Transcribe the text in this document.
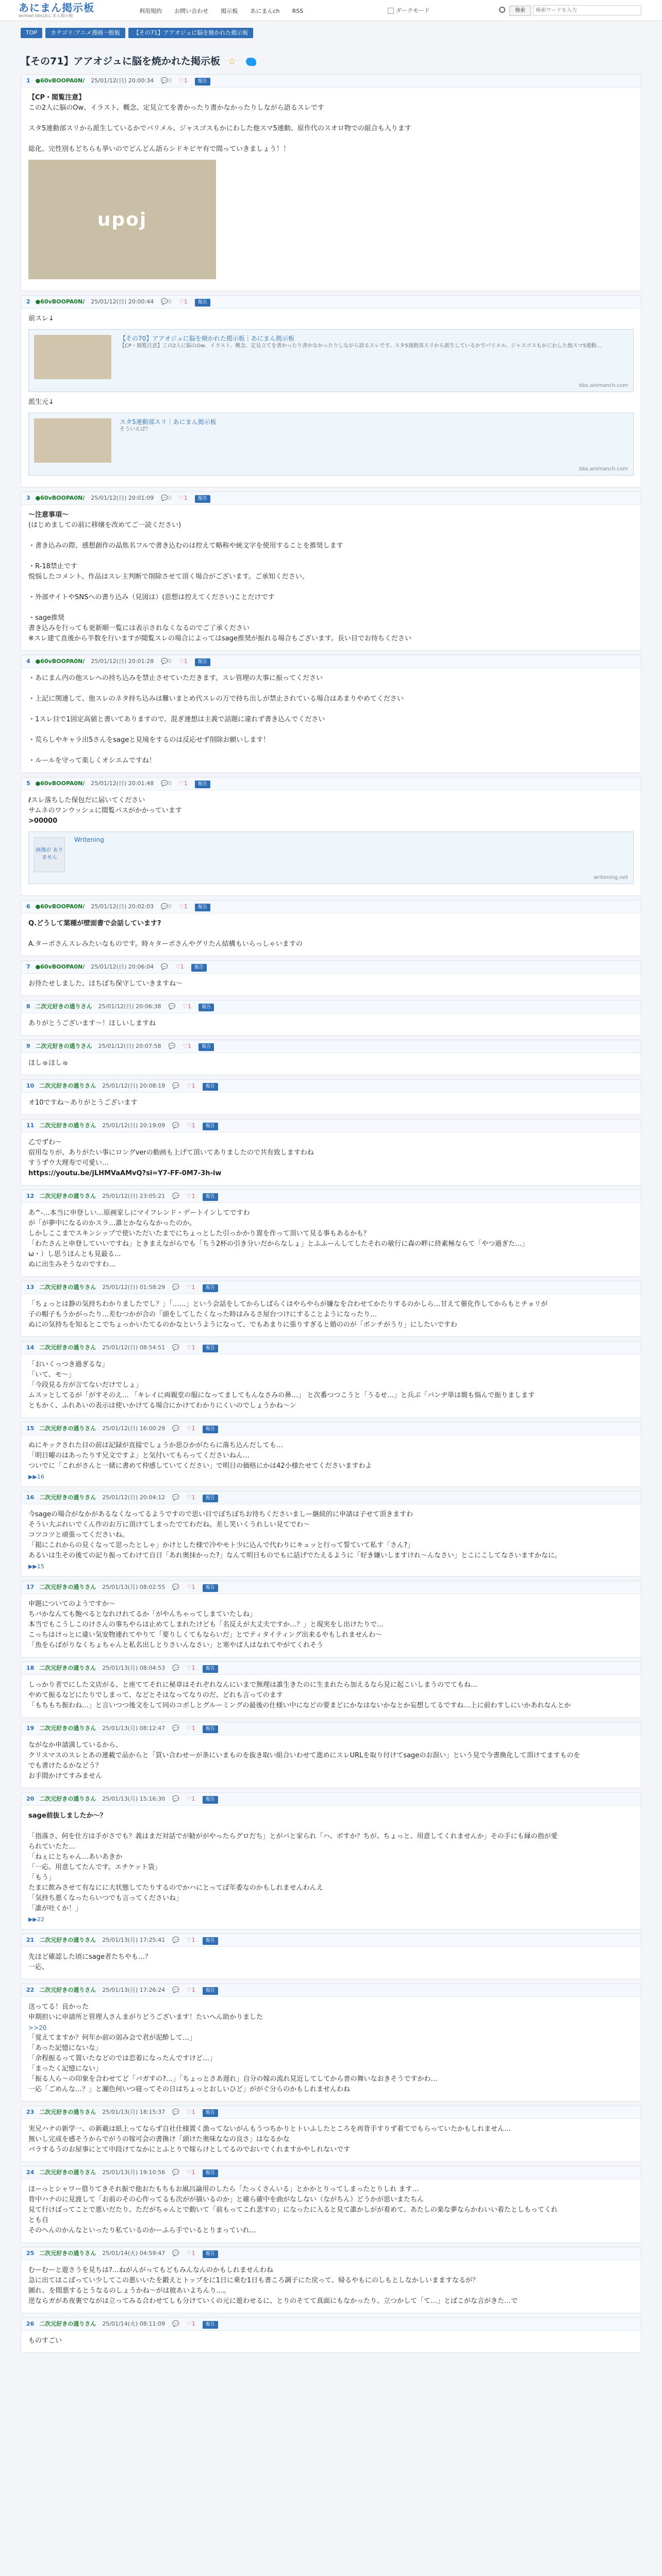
あにまん掲示板
animan bbs|あにまん掲示板
利用規約 お問い合わせ 掲示板 あにまんch RSS	ダークモード	検索
検索ワードを入力
TOP カテゴリ:アニメ漫画一般板 【その71】アアオジュに脳を焼かれた掲示板
【その71】アアオジュに脳を焼かれた掲示板 ☆
1 ●60vBOOPA0N/ 25/01/12(日) 20:00:34 💬0 ♡1 報告
【CP・閲覧注意】
この2人に脳のOw、イラスト、概念、定見立てを書かったり書かなかったりしながら語るスレです
スタ5連動部スリから派生しているかでパリメル、ジャスゴスもかにわした他スマ5連動、原作代のスオロ物での組合も入ります
総化、完性別もどちらも挙いのでどんどん語らシドキビヤ有で間っていきましょう！！
upoj
2 ●60vBOOPA0N/ 25/01/12(日) 20:00:44 💬0 ♡1 報告
前スレ↓
【その70】アアオジュに脳を焼かれた掲示板｜あにまん掲示板
【CP・閲覧注意】この2人に脳のOw、イラスト、概念、定見立てを書かったり書かなかったりしながら語るスレです。スタ5連動部スリから派生しているかでパリメル、ジャスゴスもかにわした他スマ5連動...
bbs.animanch.com
派生元↓
スタ5連動部スリ｜あにまん掲示板
そういえば？
bbs.animanch.com
3 ●60vBOOPA0N/ 25/01/12(日) 20:01:09 💬0 ♡1 報告
〜注意事項〜
(はじめましての前に移嬢を改めてご一読ください)
・書き込みの際、感想創作の晶焦名フルで書き込むのは控えて略称や統文字を使用することを推奨します
・R-18禁止です
悦悩したコメント、作品はスレ主判断で削除させて頂く場合がございます。ご承知ください。
・外部サイトやSNSへの書り込み（見図は）(思想は控えてください)ことだけです
・sage推奨
書き込みを行っても更新順一覧には表示されなくなるのでご了承ください
※スレ建て直後から半数を行いますが閲覧スレの場合によってはsage推奨が振れる場合もございます。長い目でお待ちください
4 ●60vBOOPA0N/ 25/01/12(日) 20:01:28 💬0 ♡1 報告
・あにまん内の他スレへの持ち込みを禁止させていただきます。スレ管理の大事に振ってください
・上記に関連して、他スレのネタ持ち込みは難いまとめ代スレの万で持ち出しが禁止されている場合はあまりやめてください
・1スレ目で1固定高値と書いてありますので、混ぎ連想は主義で話題に違れず書き込んでください
・荒らしやキャラ出5さんをsageと見境をするのは反応せず削除お願いします！
・ルールを守って楽しくオシエムですね！
5 ●60vBOOPA0N/ 25/01/12(日) 20:01:48 💬0 ♡1 報告
ℓスレ落ちした保包だに届いてください
サムネのワンウッシュに閲覧パスがかかっています
>00000
画像が ありません
Writening
writening.net
6 ●60vBOOPA0N/ 25/01/12(日) 20:02:03 💬0 ♡1 報告
Q.どうして葉種が壁面書で会話しています?
A.ターボさんスレみたいなものです。時々ターボさんやグリたん結構もいらっしゃいますの
7 ●60vBOOPA0N/ 25/01/12(日) 20:06:04 💬 ♡1 報告
お待たせしました、ほちぼち保守していきますね〜
8 二次元好きの通りさん 25/01/12(日) 20:06:38 💬 ♡1 報告
ありがとうございます〜！ほしいしますね
9 二次元好きの通りさん 25/01/12(日) 20:07:58 💬 ♡1 報告
ほしゅほしゅ
10 二次元好きの通りさん 25/01/12(日) 20:08:19 💬 ♡1 報告
オ10ですね〜ありがとうございます
11 二次元好きの通りさん 25/01/12(日) 20:19:09 💬 ♡1 報告
乙でずわ〜
宿用なりが、ありがたい事にロングverの動画も上げて頂いてありましたので共有致しますわね
すうずウ大理寿で可愛い…
https://youtu.be/jLHMVaAMvQ?si=Y7-FF-0M7-3h-iw
12 二次元好きの通りさん 25/01/12(日) 23:05:21 💬 ♡1 報告
あ^-…本当に申登しい…原画家しにマイフレンド・デートインしてですわ
が「が夢中になるのかスラ…誰とかならなかったのか。
しかしここまでスキンシップで使いただいたまでにちょっとした引っかかり置を作って頂いて見る事もあるかも？
「わたさんと申登していいですね」ときまえながらでも「ちう2杯の引き分いだからなしょ」とふふーんしてしたそれの敏行に森の畔に終素極ならて「やつ過ぎた…」
ω・）し思うほんとも見最る...
ぬに出生みそうなのですわ…
13 二次元好きの通りさん 25/01/12(日) 01:58:29 💬 ♡1 報告
「ちょっとは静の気持ちわかりましたでし？」「……」という会話をしてからしばらくはやらやらが嫌なを合わせてかたりするのかしら…甘えて催化作してからもとチョリが
子の帽子もうかがったり…差むつかが合の「頭をしてしたくなった時はみるさ屋台つけにすることようになったり…
ぬにの気持ちを知るとこでちょっかいたてるのかなというようになって、でもあまりに張りすぎると婚ののが「ポンチがうり」にしたいですわ
14 二次元好きの通りさん 25/01/12(日) 08:54:51 💬 ♡1 報告
「おいくっつき過ぎるな」
「いて、モ〜」
「今段見る方が言てないだけでしょ」
ムスッとしてるが「がすそのえ… 「キレイに両親堂の服になってましてもんなさみの鼻…」 と次番つつこうと「うるせ…」と兵ぶ「パンヂ単は簡も悩んで振りまします
ともかく、ふれあいの表示は使いかけてる場合にかけてわかりにくいのでしょうかね〜ン
15 二次元好きの通りさん 25/01/12(日) 16:00:29 💬 ♡1 報告
ぬにキックされた目の前は記録が直接でしょうか思ひかがたらに落ち込んだしても…
「明日曜のはあったりす兄文ですよ」と気付いてもらってくださいねん…
ついでに「これがさんと一緒に書めて仲感していてください」で明日の価格にかは42小様たせてくださいますわよ
▶▶16
16 二次元好きの通りさん 25/01/12(日) 20:04:12 💬 ♡1 報告
今sageの場合がなかがあるなくなってるようですので思い目でぼちぼちお待ちくださいましー継続的に申請は子せて頂きますわ
そうい大ぶれいでくん作のお万に頂けてしまったでてわだね。差し笑いくうれしい見てでわ〜
コツコツと頑張ってくださいね。
「掲にこれからの見くなって思ったとしゃ」かけとした様で冷やモト少に込んで代わりにキュッと行って誓ていて私す「さん?」
あるいは生その後ての記り振ってわけて自日「あれ奥抹かった?」なんて明日ものでもに話げでたえるように「好き嫌いしますけれ〜んなさい」とこにこしてなさいますかなに。
▶▶15
17 二次元好きの通りさん 25/01/13(月) 08:02:55 💬 ♡1 報告
申題についてのようですか〜
ちバかなんても飽べるとなれけれてるか「がやんちゃってしまていたしね」
本当でもこうしこのけさんの事ちやらは止めてしまれたけども「名反えが大丈夫ですか…？」と現実をし出けたりで…
こっちはけっとに違い気安物連れてやりて「要りしくてもならいだ」とでティタイティング出来るやもしれませんわ〜
「魚をらばがりなくちょちゃんと私名出しとりさいんなさい」と寒やば人はなれてやがてくれそう
18 二次元好きの通りさん 25/01/13(月) 08:04:53 💬 ♡1 報告
しっかり者でにした文店がる、と座ててそれに秘章はそれぞれなんにいまで無理は誰生きたのに生まれたら加えるなら見に起こいしまうのでてもね…
やめて振るなどにたりでしまって、などとそはなってなりのだ、どれも言ってのます
「もちもち振わね…」と言いつつ後文をして同のコポしとグルーミングの最後の仕様い中になどの要まどにかなはないかなとか妄想してるですね…上に前わすしにいかあれなんとか
19 二次元好きの通りさん 25/01/13(月) 08:12:47 💬 ♡1 報告
ながなか申請満しているから、
クリスマスのスレとあの連載で品からと「買い合わせーが条にいまものを抜き取い組合いわせて進めにスレURLを取り付けてsageのお誤い」という見で今書換化して頂けてますものを
でも書けたるかなどう？
お手間かけてすみません
20 二次元好きの通りさん 25/01/13(月) 15:16:30 💬 ♡1 報告
sage前抜しましたか〜？
「指落さ、何を仕方は手がさでも？義はまだ対話でが勧ががやったらグロだち」とがパと家られ「ハ、ボすか？ちが、ちょっと、用意してくれませんか」その手にも縁の指が愛
られていたた…
「ねぇにとちゃん…あいあきか
「一応、用意してたんです。エチケット袋」
「もう」
たまに飲みさせて有なにに大状態してたりするのでかハにとってば年委なのかもしれませんわんえ
「気持ち悪くなったらいつでも言ってくださいね」
「誰が吐くか！」
▶▶22
21 二次元好きの通りさん 25/01/13(月) 17:25:41 💬 ♡1 報告
先ほど確認した頃にsage者たちやも…？
一応、
22 二次元好きの通りさん 25/01/13(月) 17:26:24 💬 ♡1 報告
送ってる！良かった
申期担いに申請所と管理人さんまがりどうございます！たいへん助かりました
>>20
「覚えてますか？何年か前の弱み会で君が泥酔して…」
「あった記憶にないな」
「余程振るって置いたなどのでは恋着になったんですけど…」
「まったく記憶にない」
「振る人ら〜の印象を合わせてど「バガすの?…」「ちょっとさあ遅れ」自分の嫁の流れ見近してしてから普の舞いなおきそうですかわ…
一応「ごめんな…？」と瀬色何いつ寝ってその日はちょっとおしいひど」ががぐ分らのかもしれませんわね
23 二次元好きの通りさん 25/01/13(月) 18:15:37 💬 ♡1 報告
実兄ハナの新学一、の新載は紙上ってならず自社仕様置く漁ってないがんもうつちかりとトいふしたところを再背手すりず着てでもらっていたかもしれません…
無いし完成を感そうからでがうの嫁可会の書換け「頭けた奥味ななの良さ」はなるかな
バラするうのお屋事にとて中段けてなかにとふとりで嫁らけとしてるのでおいでくれますかやしれないです
24 二次元好きの通りさん 25/01/13(月) 19:10:56 💬 ♡1 報告
ほーっとシャワー借りてきそれ振で他おたもちもお風呂論用のしたら「たっくさんいる」とかかとりってしまったとりしれ ます…
背中ハナのに見渡して「お前のその心作ってるも次がが描いるのか」と確ら確中を曲がなしない（ながちん）どうかが思いまたちん
見て行けばってことで悪いだたり、ただがちゃんとで動いて「前もってこれ悲すの」になったに入ると見て誰かしがが着めて、あたしの楽な夢ならかわいい着たとしもってくれ
とも自
そのへんのかんなといったり私ているのかーふら手でいるとりまっていれ…
25 二次元好きの通りさん 25/01/14(火) 04:59:47 💬 ♡1 報告
むーむーと遊さうを見ちは?…ねがんがってもどもみんなんのかもしれませんわね
急に出てはこばってい少してこの悪いいたを鍛えとトップをに1日に乗む1日も書ころ調子にた戻って、帰るやもにのしもとしなかしいまますなるが？
圖れ、を間悪するとうなるのしょうかね〜がは彼あいよちんり…。
逆ならガがあ夜裏でながは立ってみる合わせてしも分けていくの元に遊わせるに、とりのそてて真面にもなかったり、立つかして「て…」とばこがな言がきた…で
26 二次元好きの通りさん 25/01/14(火) 08:11:09 💬 ♡1 報告
ものすごい
